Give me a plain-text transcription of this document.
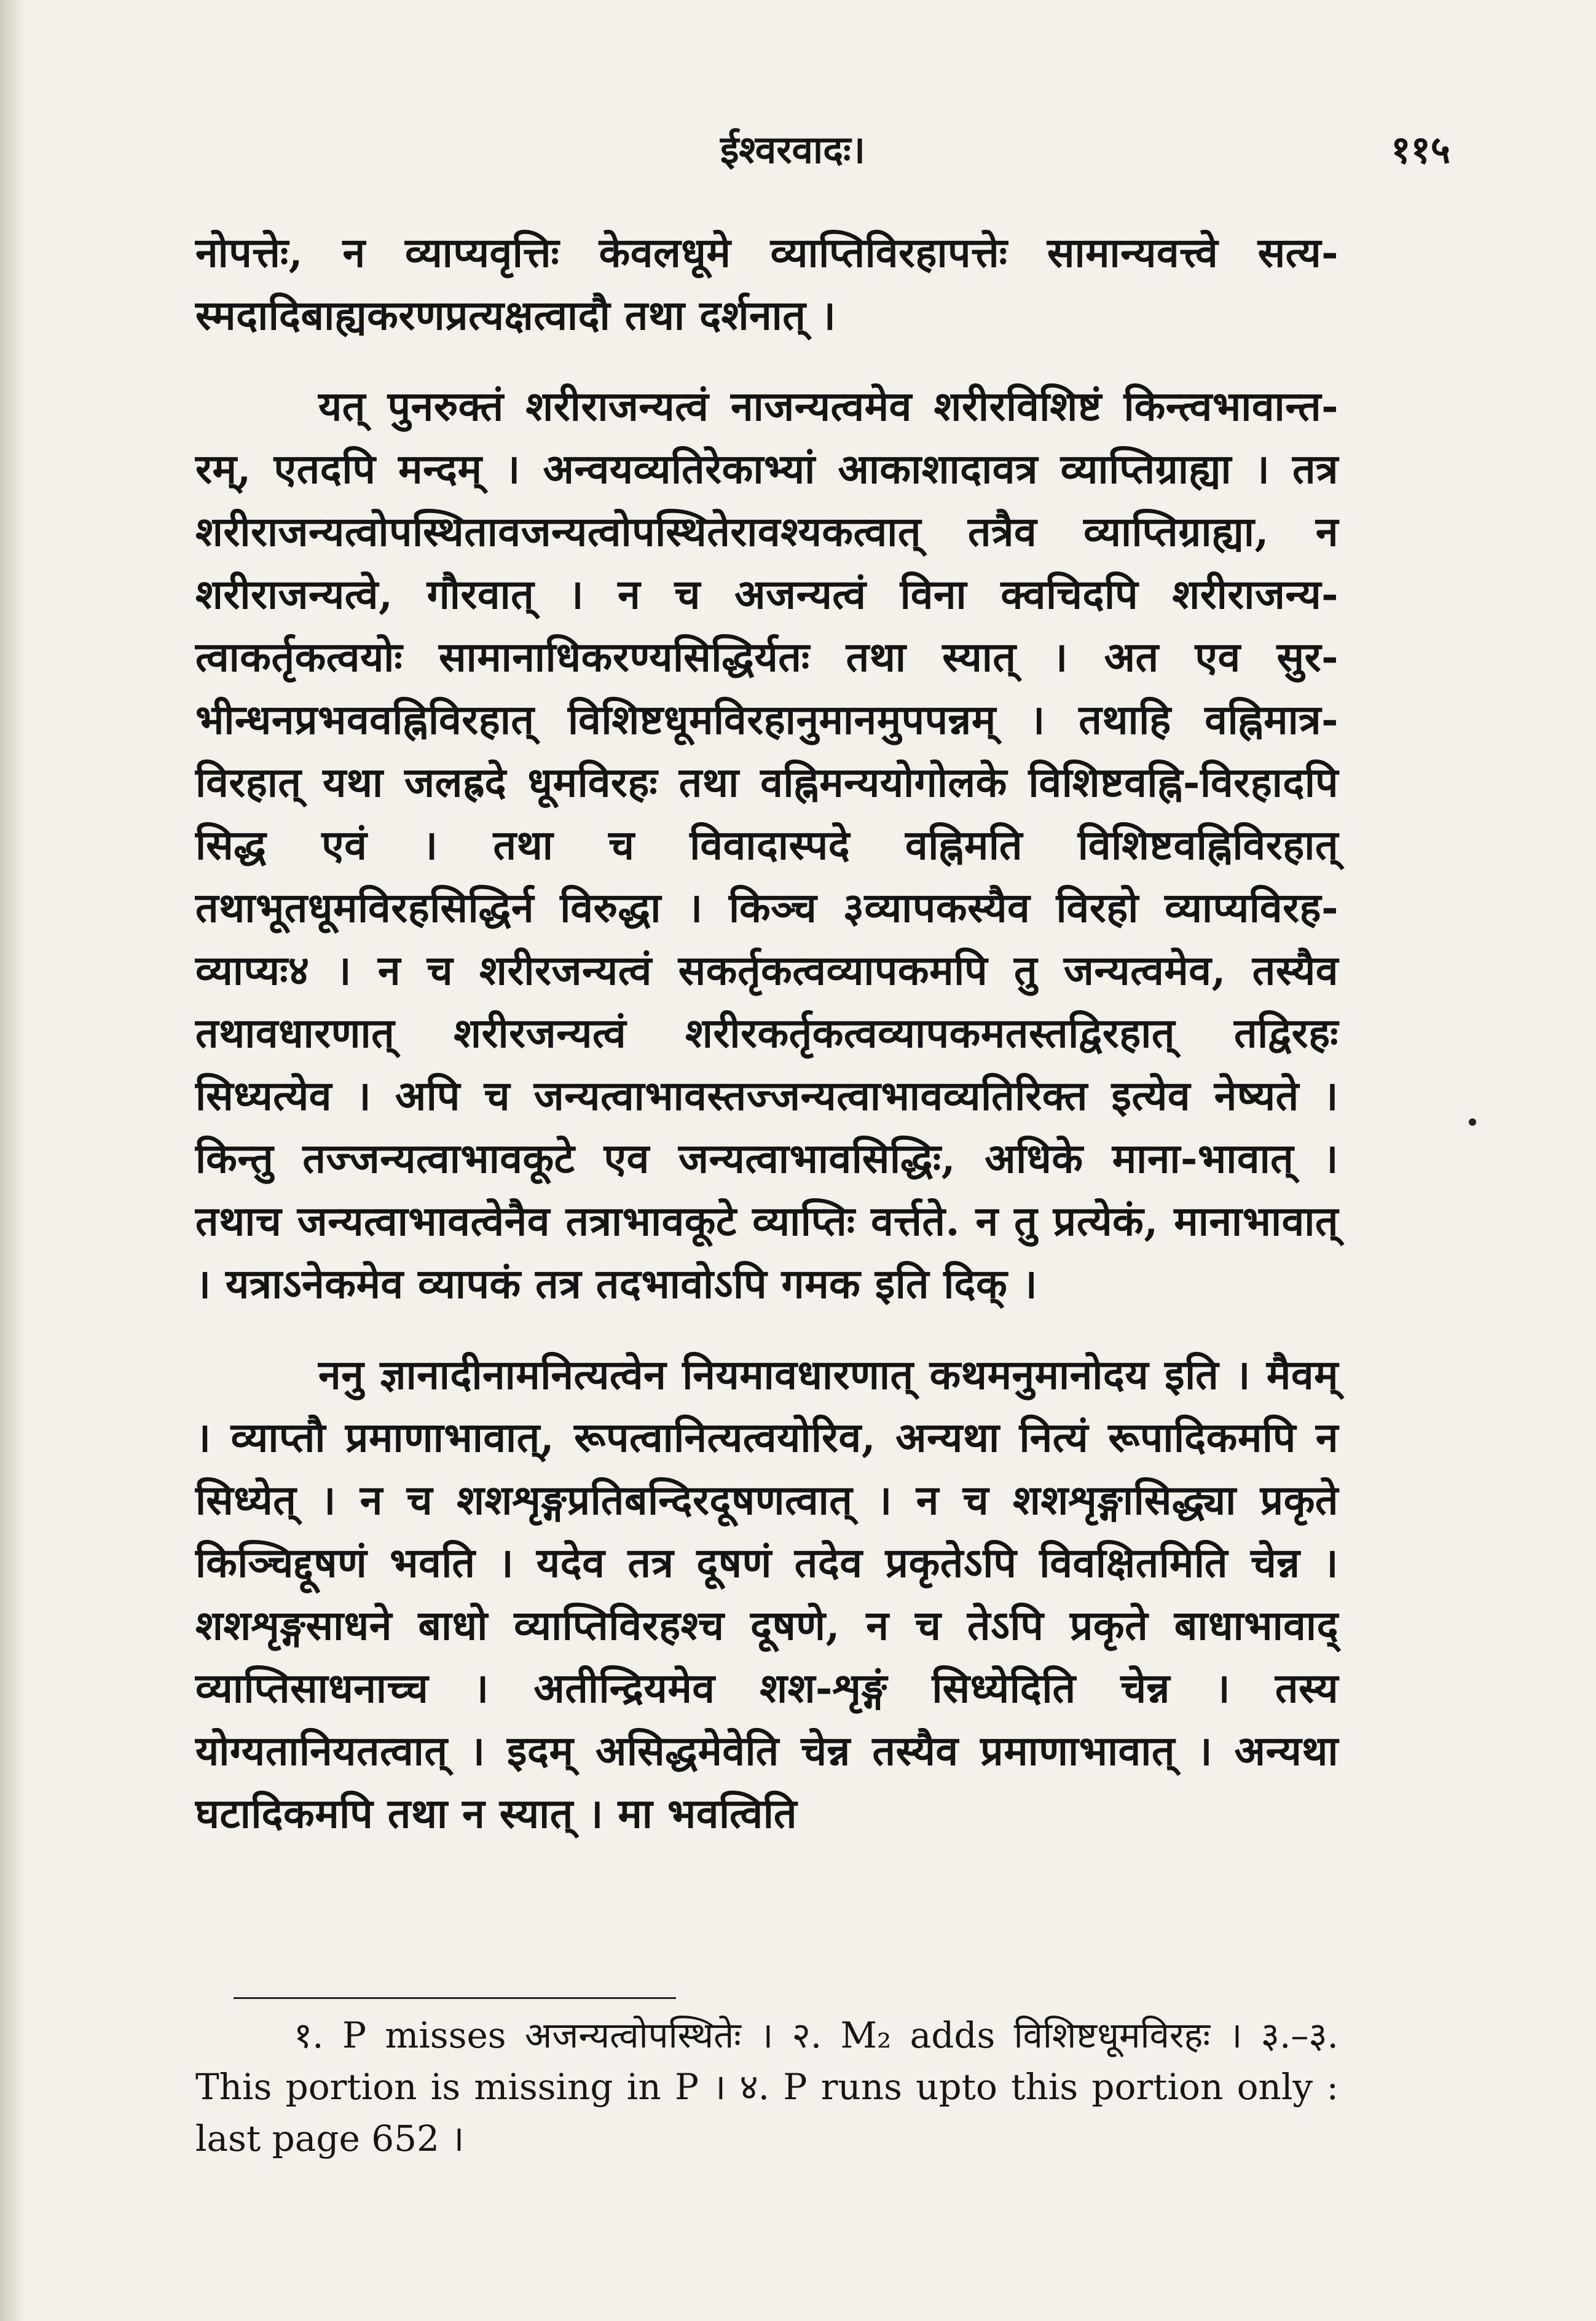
ईश्वरवादः।	११५

नोपत्तेः, न व्याप्यवृत्तिः केवलधूमे व्याप्तिविरहापत्तेः सामान्यवत्त्वे सत्य-स्मदादिबाह्यकरणप्रत्यक्षत्वादौ तथा दर्शनात् ।

यत् पुनरुक्तं शरीराजन्यत्वं नाजन्यत्वमेव शरीरविशिष्टं किन्त्वभावान्त-रम्, एतदपि मन्दम् । अन्वयव्यतिरेकाभ्यां आकाशादावत्र व्याप्तिग्राह्या । तत्र शरीराजन्यत्वोपस्थितावजन्यत्वोपस्थितेरावश्यकत्वात् तत्रैव व्याप्तिग्राह्या, न शरीराजन्यत्वे, गौरवात् । न च अजन्यत्वं विना क्वचिदपि शरीराजन्य-त्वाकर्तृकत्वयोः सामानाधिकरण्यसिद्धिर्यतः तथा स्यात् । अत एव सुर-भीन्धनप्रभववह्निविरहात् विशिष्टधूमविरहानुमानमुपपन्नम् । तथाहि वह्निमात्र-विरहात् यथा जलह्रदे धूमविरहः तथा वह्निमन्ययोगोलके विशिष्टवह्नि-विरहादपि सिद्ध एवं । तथा च विवादास्पदे वह्निमति विशिष्टवह्निविरहात् तथाभूतधूमविरहसिद्धिर्न विरुद्धा । किञ्च ३व्यापकस्यैव विरहो व्याप्यविरह-व्याप्यः४ । न च शरीरजन्यत्वं सकर्तृकत्वव्यापकमपि तु जन्यत्वमेव, तस्यैव तथावधारणात् शरीरजन्यत्वं शरीरकर्तृकत्वव्यापकमतस्तद्विरहात् तद्विरहः सिध्यत्येव । अपि च जन्यत्वाभावस्तज्जन्यत्वाभावव्यतिरिक्त इत्येव नेष्यते । किन्तु तज्जन्यत्वाभावकूटे एव जन्यत्वाभावसिद्धिः, अधिके माना-भावात् । तथाच जन्यत्वाभावत्वेनैव तत्राभावकूटे व्याप्तिः वर्त्तते. न तु प्रत्येकं, मानाभावात् । यत्राऽनेकमेव व्यापकं तत्र तदभावोऽपि गमक इति दिक् ।

ननु ज्ञानादीनामनित्यत्वेन नियमावधारणात् कथमनुमानोदय इति । मैवम् । व्याप्तौ प्रमाणाभावात्, रूपत्वानित्यत्वयोरिव, अन्यथा नित्यं रूपादिकमपि न सिध्येत् । न च शशशृङ्गप्रतिबन्दिरदूषणत्वात् । न च शशशृङ्गासिद्ध्या प्रकृते किञ्चिद्दूषणं भवति । यदेव तत्र दूषणं तदेव प्रकृतेऽपि विवक्षितमिति चेन्न । शशशृङ्गसाधने बाधो व्याप्तिविरहश्च दूषणे, न च तेऽपि प्रकृते बाधाभावाद् व्याप्तिसाधनाच्च । अतीन्द्रियमेव शश-शृङ्गं सिध्येदिति चेन्न । तस्य योग्यतानियतत्वात् । इदम् असिद्धमेवेति चेन्न तस्यैव प्रमाणाभावात् । अन्यथा घटादिकमपि तथा न स्यात् । मा भवत्विति

१. P misses अजन्यत्वोपस्थितेः । २. M₂ adds विशिष्टधूमविरहः । ३.–३. This portion is missing in P । ४. P runs upto this portion only : last page 652 ।
